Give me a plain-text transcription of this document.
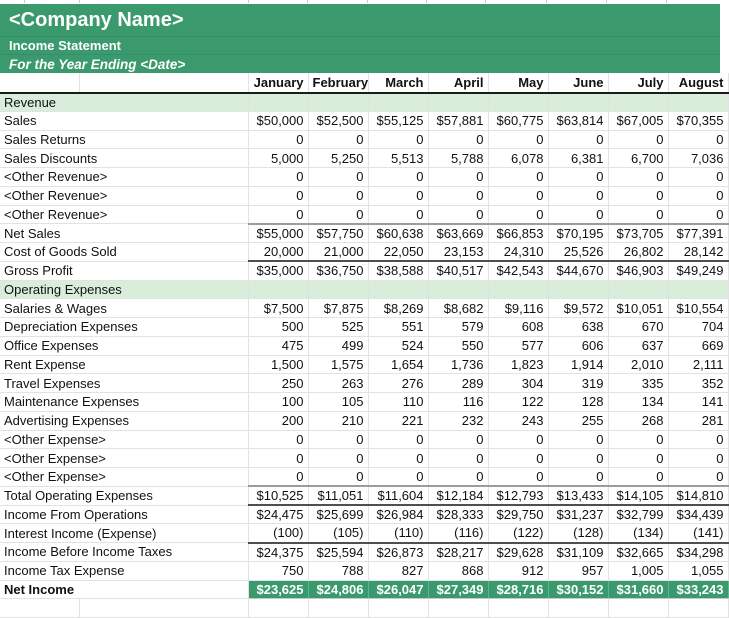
<Company Name>
Income Statement
For the Year Ending <Date>
		January	February	March	April	May	June	July	August
Revenue									
Sales		$50,000	$52,500	$55,125	$57,881	$60,775	$63,814	$67,005	$70,355
Sales Returns		0	0	0	0	0	0	0	0
Sales Discounts		5,000	5,250	5,513	5,788	6,078	6,381	6,700	7,036
<Other Revenue>		0	0	0	0	0	0	0	0
<Other Revenue>		0	0	0	0	0	0	0	0
<Other Revenue>		0	0	0	0	0	0	0	0
Net Sales		$55,000	$57,750	$60,638	$63,669	$66,853	$70,195	$73,705	$77,391
Cost of Goods Sold		20,000	21,000	22,050	23,153	24,310	25,526	26,802	28,142
Gross Profit		$35,000	$36,750	$38,588	$40,517	$42,543	$44,670	$46,903	$49,249
Operating Expenses									
Salaries & Wages		$7,500	$7,875	$8,269	$8,682	$9,116	$9,572	$10,051	$10,554
Depreciation Expenses		500	525	551	579	608	638	670	704
Office Expenses		475	499	524	550	577	606	637	669
Rent Expense		1,500	1,575	1,654	1,736	1,823	1,914	2,010	2,111
Travel Expenses		250	263	276	289	304	319	335	352
Maintenance Expenses		100	105	110	116	122	128	134	141
Advertising Expenses		200	210	221	232	243	255	268	281
<Other Expense>		0	0	0	0	0	0	0	0
<Other Expense>		0	0	0	0	0	0	0	0
<Other Expense>		0	0	0	0	0	0	0	0
Total Operating Expenses		$10,525	$11,051	$11,604	$12,184	$12,793	$13,433	$14,105	$14,810
Income From Operations		$24,475	$25,699	$26,984	$28,333	$29,750	$31,237	$32,799	$34,439
Interest Income (Expense)		(100)	(105)	(110)	(116)	(122)	(128)	(134)	(141)
Income Before Income Taxes		$24,375	$25,594	$26,873	$28,217	$29,628	$31,109	$32,665	$34,298
Income Tax Expense		750	788	827	868	912	957	1,005	1,055
Net Income		$23,625	$24,806	$26,047	$27,349	$28,716	$30,152	$31,660	$33,243
